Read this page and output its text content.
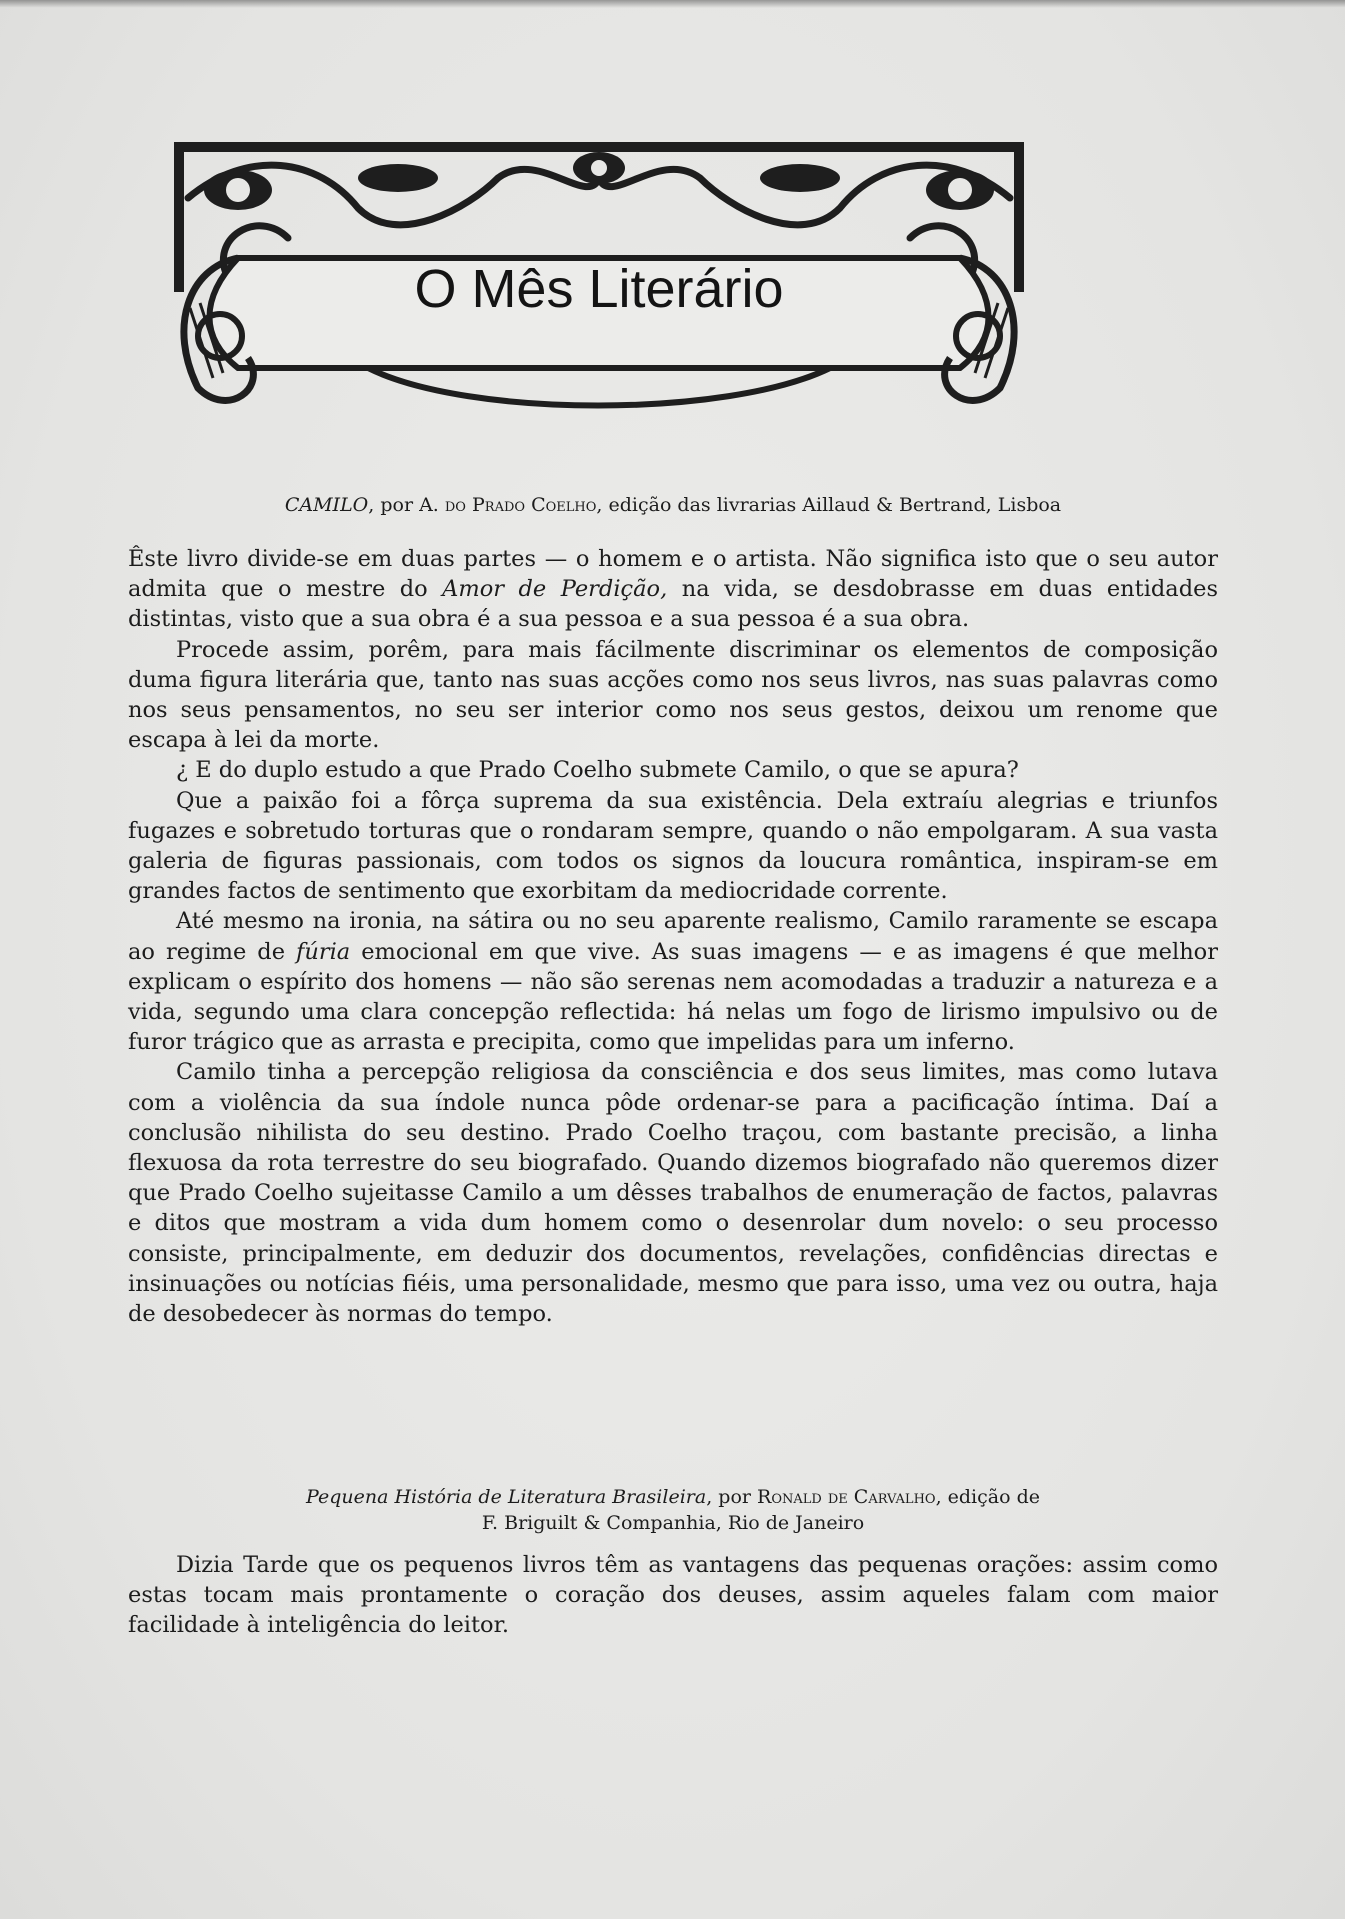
O Mês Literário
CAMILO, por A. do Prado Coelho, edição das livrarias Aillaud & Bertrand, Lisboa

Êste livro divide-se em duas partes — o homem e o artista. Não significa isto que o seu autor admita que o mestre do Amor de Perdição, na vida, se desdobrasse em duas entidades distintas, visto que a sua obra é a sua pessoa e a sua pessoa é a sua obra.

Procede assim, porêm, para mais fácilmente discriminar os elementos de composição duma figura literária que, tanto nas suas acções como nos seus livros, nas suas palavras como nos seus pensamentos, no seu ser interior como nos seus gestos, deixou um renome que escapa à lei da morte.

¿ E do duplo estudo a que Prado Coelho submete Camilo, o que se apura?

Que a paixão foi a fôrça suprema da sua existência. Dela extraíu alegrias e triunfos fugazes e sobretudo torturas que o rondaram sempre, quando o não empolgaram. A sua vasta galeria de figuras passionais, com todos os signos da loucura romântica, inspiram-se em grandes factos de sentimento que exorbitam da mediocridade corrente.

Até mesmo na ironia, na sátira ou no seu aparente realismo, Camilo raramente se escapa ao regime de fúria emocional em que vive. As suas imagens — e as imagens é que melhor explicam o espírito dos homens — não são serenas nem acomodadas a traduzir a natureza e a vida, segundo uma clara concepção reflectida: há nelas um fogo de lirismo impulsivo ou de furor trágico que as arrasta e precipita, como que impelidas para um inferno.

Camilo tinha a percepção religiosa da consciência e dos seus limites, mas como lutava com a violência da sua índole nunca pôde ordenar-se para a pacificação íntima. Daí a conclusão nihilista do seu destino. Prado Coelho traçou, com bastante precisão, a linha flexuosa da rota terrestre do seu biografado. Quando dizemos biografado não queremos dizer que Prado Coelho sujeitasse Camilo a um dêsses trabalhos de enumeração de factos, palavras e ditos que mostram a vida dum homem como o desenrolar dum novelo: o seu processo consiste, principalmente, em deduzir dos documentos, revelações, confidências directas e insinuações ou notícias fiéis, uma personalidade, mesmo que para isso, uma vez ou outra, haja de desobedecer às normas do tempo.

Pequena História de Literatura Brasileira, por Ronald de Carvalho, edição de
F. Briguilt & Companhia, Rio de Janeiro

Dizia Tarde que os pequenos livros têm as vantagens das pequenas orações: assim como estas tocam mais prontamente o coração dos deuses, assim aqueles falam com maior facilidade à inteligência do leitor.
